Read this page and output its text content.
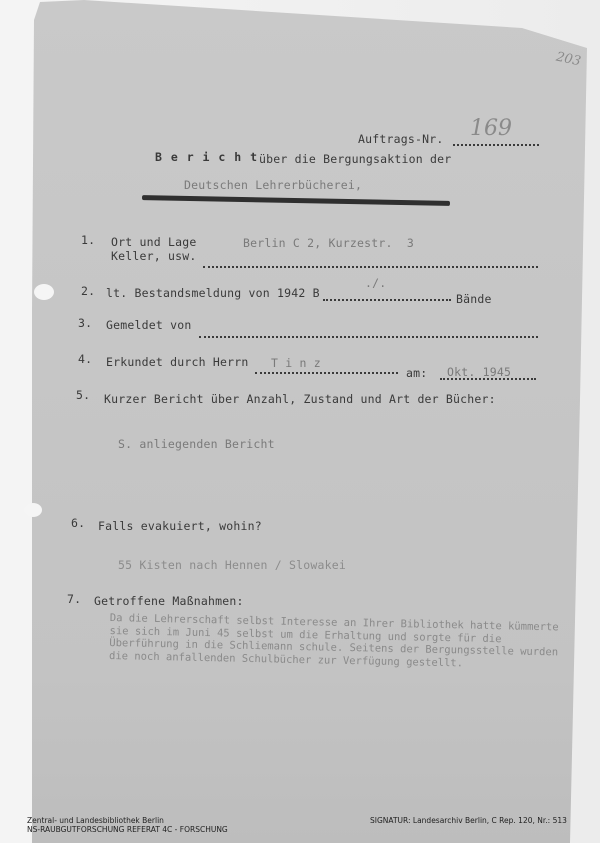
203
169
Auftrags-Nr.
B e r i c h t über die Bergungsaktion der
Deutschen Lehrerbücherei,
1. Ort und Lage	Berlin C 2, Kurzestr.  3
Keller, usw.
./.
2. lt. Bestandsmeldung von 1942 B	Bände
3. Gemeldet von
4. Erkundet durch Herrn T i n z
am: Okt. 1945
5. Kurzer Bericht über Anzahl, Zustand und Art der Bücher:
S. anliegenden Bericht
6. Falls evakuiert, wohin?
55 Kisten nach Hennen / Slowakei
7. Getroffene Maßnahmen:
Da die Lehrerschaft selbst Interesse an Ihrer Bibliothek hatte kümmerte sie sich im Juni 45 selbst um die Erhaltung und sorgte für die Überführung in die Schliemann schule. Seitens der Bergungsstelle wurden die noch anfallenden Schulbücher zur Verfügung gestellt.
Zentral- und Landesbibliothek Berlin
NS-RAUBGUTFORSCHUNG REFERAT 4C - FORSCHUNG
SIGNATUR: Landesarchiv Berlin, C Rep. 120, Nr.: 513
